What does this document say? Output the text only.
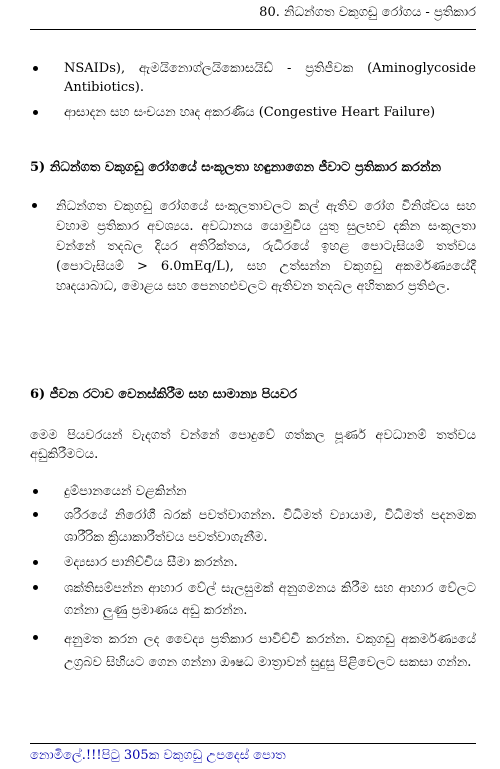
80. නිධන්ගත වකුගඩු රෝගය - ප්‍රතිකාර
NSAIDs), ඇමයිනොග්ලයිකොසයිඩ් - ප්‍රතිජීවක (Aminoglycoside Antibiotics).
ආසාදන සහ සංචයන හෘද අකරණිය (Congestive Heart Failure)
5) නිධන්ගත වකුගඩු රෝගයේ සංකූලතා හඳුනාගෙන ජීවාට ප්‍රතිකාර කරන්න
නිධන්ගත වකුගඩු රෝගයේ සංකූලතාවලට කල් ඇතිව රෝග විනිශ්චය සහ වහාම ප්‍රතිකාර අවශ්‍යය. අවධානය යොමුවිය යුතු සුලභව දකින සංකූලතා වන්නේ තදබල දියර අතිරික්තය, රුධිරයේ ඉහළ පොටැසියම් තත්වය (පොටැසියම් > 6.0mEq/L), සහ උත්සන්න වකුගඩු අකර්මණ්‍යයේදී හෘදයාබාධ, මොළය සහ පෙනහළුවලට ඇතිවන තදබල අහිතකර ප්‍රතිඵල.
6) ජීවන රටාව වෙනස්කිරීම සහ සාමාන්‍ය පියවර
මෙම පියවරයන් වැදගත් වන්නේ පොදුවේ ගත්කල පූර්ණ අවධානම් තත්වය අඩුකිරීමටය.
දුම්පානයෙන් වළකින්න
ශරීරයේ නිරෝගී බරක් පවත්වාගන්න. විධිමත් ව්‍යායාම, විධිමත් පදනමක ශාරීරික ක්‍රියාකාරීත්වය පවත්වාගැනීම.
මද්‍යසාර පානිච්චිය සීමා කරන්න.
ශක්තිසම්පන්න ආහාර වේල් සැලසුමක් අනුගමනය කිරීම සහ ආහාර වේලට ගන්නා ලුණු ප්‍රමාණය අඩු කරන්න.
අනුමත කරන ලද වෛද්‍ය ප්‍රතිකාර පාවිච්චි කරන්න. වකුගඩු අකර්මණ්‍යයේ උග්‍රබව සිහියට ගෙන ගන්නා ඖෂධ මාත්‍රාවන් සුදුසු පිළිවෙලට සකසා ගන්න.
නොමිලේ.!!!පිටු 305ක වකුගඩු උපදෙස් පොත
